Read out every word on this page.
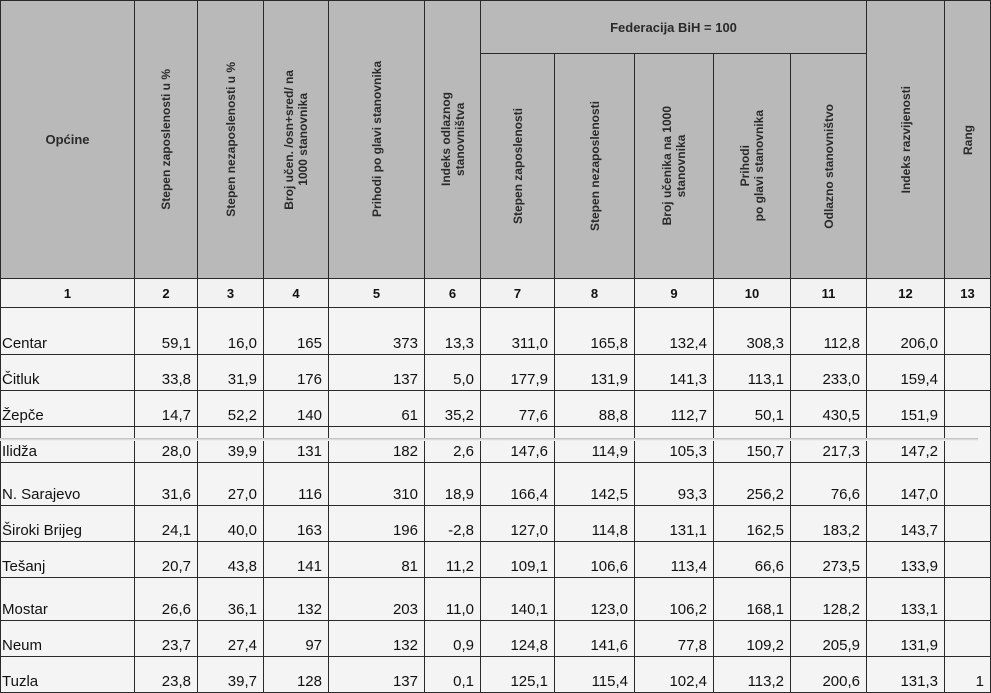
Općine	Stepen zaposlenosti u %	Stepen nezaposlenosti u %	Broj učen. /osn+sred/ na
1000 stanovnika	Prihodi po glavi stanovnika	Indeks odlaznog
stanovništva	Federacija BiH = 100					Indeks razvijenosti	Rang

						Stepen zaposlenosti	Stepen nezaposlenosti	Broj učenika na 1000
stanovnika	Prihodi
po glavi stanovnika	Odlazno stanovništvo		

1	2	3	4	5	6	7	8	9	10	11	12	13
Centar	59,1	16,0	165	373	13,3	311,0	165,8	132,4	308,3	112,8	206,0	
Čitluk	33,8	31,9	176	137	5,0	177,9	131,9	141,3	113,1	233,0	159,4	
Žepče	14,7	52,2	140	61	35,2	77,6	88,8	112,7	50,1	430,5	151,9	
Ilidža	28,0	39,9	131	182	2,6	147,6	114,9	105,3	150,7	217,3	147,2	
N. Sarajevo	31,6	27,0	116	310	18,9	166,4	142,5	93,3	256,2	76,6	147,0	
Široki Brijeg	24,1	40,0	163	196	-2,8	127,0	114,8	131,1	162,5	183,2	143,7	
Tešanj	20,7	43,8	141	81	11,2	109,1	106,6	113,4	66,6	273,5	133,9	
Mostar	26,6	36,1	132	203	11,0	140,1	123,0	106,2	168,1	128,2	133,1	
Neum	23,7	27,4	97	132	0,9	124,8	141,6	77,8	109,2	205,9	131,9	
Tuzla	23,8	39,7	128	137	0,1	125,1	115,4	102,4	113,2	200,6	131,3	1
